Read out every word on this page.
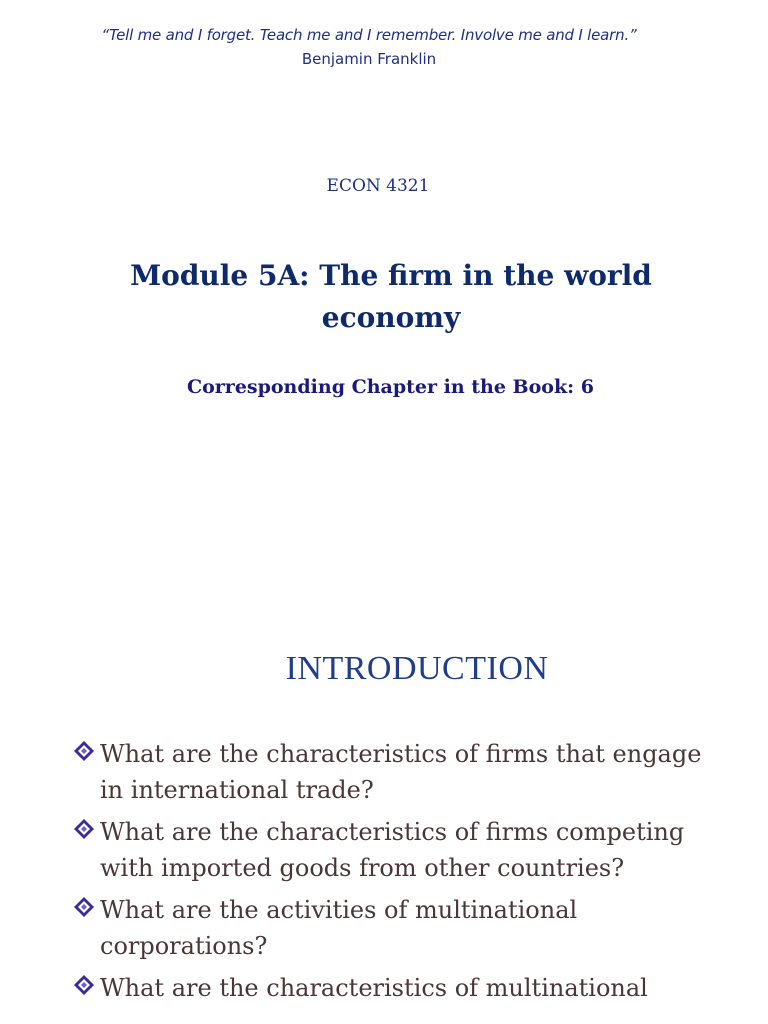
“Tell me and I forget. Teach me and I remember. Involve me and I learn.”
Benjamin Franklin
ECON 4321
Module 5A: The firm in the world economy
Corresponding Chapter in the Book: 6
INTRODUCTION
What are the characteristics of firms that engage in international trade?
What are the characteristics of firms competing with imported goods from other countries?
What are the activities of multinational corporations?
What are the characteristics of multinational
